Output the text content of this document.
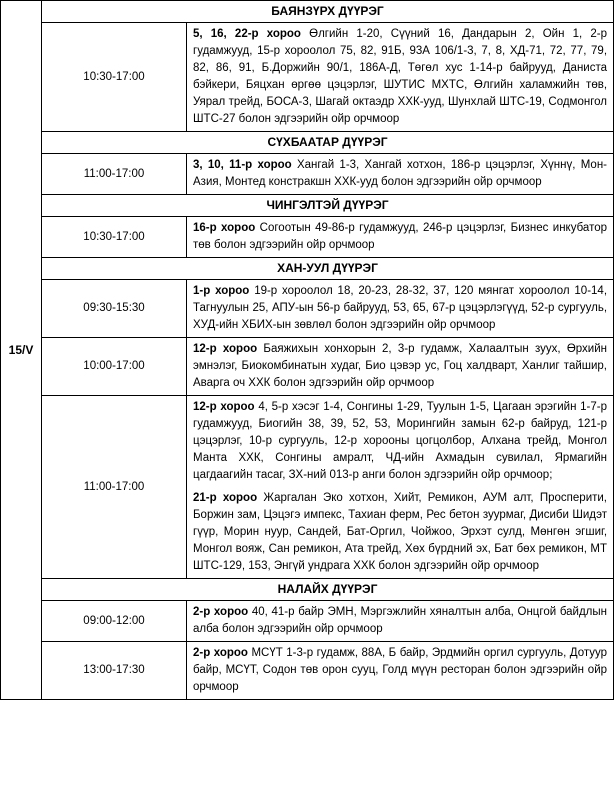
15/V	БАЯНЗҮРХ ДҮҮРЭГ	
	10:30-17:00	5, 16, 22-р хороо Өлгийн 1-20, Сүүний 16, Дандарын 2, Ойн 1, 2-р гудамжууд, 15-р хороолол 75, 82, 91Б, 93А 106/1-3, 7, 8, ХД-71, 72, 77, 79, 82, 86, 91, Б.Доржийн 90/1, 186А-Д, Төгөл хус 1-14-р байрууд, Даниста бэйкери, Бяцхан өргөө цэцэрлэг, ШУТИС МХТС, Өлгийн халамжийн төв, Уярал трейд, БОСА-3, Шагай октаэдр ХХК-ууд, Шунхлай ШТС-19, Содмонгол ШТС-27 болон эдгээрийн ойр орчмоор

	СҮХБААТАР ДҮҮРЭГ	
	11:00-17:00	3, 10, 11-р хороо Хангай 1-3, Хангай хотхон, 186-р цэцэрлэг, Хүннү, Мон-Азия, Монтед констракшн ХХК-ууд болон эдгээрийн ойр орчмоор

	ЧИНГЭЛТЭЙ ДҮҮРЭГ	
	10:30-17:00	16-р хороо Согоотын 49-86-р гудамжууд, 246-р цэцэрлэг, Бизнес инкубатор төв болон эдгээрийн ойр орчмоор

	ХАН-УУЛ ДҮҮРЭГ	
	09:30-15:30	1-р хороо 19-р хороолол 18, 20-23, 28-32, 37, 120 мянгат хороолол 10-14, Тагнуулын 25, АПУ-ын 56-р байрууд, 53, 65, 67-р цэцэрлэгүүд, 52-р сургууль, ХУД-ийн ХБИХ-ын зөвлөл болон эдгээрийн ойр орчмоор

	10:00-17:00	12-р хороо Баяжихын хонхорын 2, 3-р гудамж, Халаалтын зуух, Өрхийн эмнэлэг, Биокомбинатын худаг, Био цэвэр ус, Гоц халдварт, Ханлиг тайшир, Аварга оч ХХК болон эдгээрийн ойр орчмоор

	11:00-17:00	12-р хороо 4, 5-р хэсэг 1-4, Сонгины 1-29, Туулын 1-5, Цагаан эрэгийн 1-7-р гудамжууд, Биогийн 38, 39, 52, 53, Морингийн замын 62-р байруд, 121-р цэцэрлэг, 10-р сургууль, 12-р хорооны цогцолбор, Алхана трейд, Монгол Манта ХХК, Сонгины амралт, ЧД-ийн Ахмадын сувилал, Ярмагийн цагдаагийн тасаг, ЗХ-ний 013-р анги болон эдгээрийн ойр орчмоор;
21-р хороо Жаргалан Эко хотхон, Хийт, Ремикон, АУМ алт, Просперити, Боржин зам, Цэцэгэ импекс, Тахиан ферм, Рес бетон зуурмаг, Дисиби Шидэт гүүр, Морин нуур, Сандей, Бат-Оргил, Чойжоо, Эрхэт сулд, Мөнгөн эгшиг, Монгол вояж, Сан ремикон, Ата трейд, Хөх бүрдний эх, Бат бөх ремикон, МТ ШТС-129, 153, Энгүй ундрага ХХК болон эдгээрийн ойр орчмоор

	НАЛАЙХ ДҮҮРЭГ	
	09:00-12:00	2-р хороо 40, 41-р байр ЭМН, Мэргэжлийн хяналтын алба, Онцгой байдлын алба болон эдгээрийн ойр орчмоор

	13:00-17:30	2-р хороо МСҮТ 1-3-р гудамж, 88А, Б байр, Эрдмийн оргил сургууль, Дотуур байр, МСҮТ, Содон төв орон сууц, Голд мүүн ресторан болон эдгээрийн ойр орчмоор
